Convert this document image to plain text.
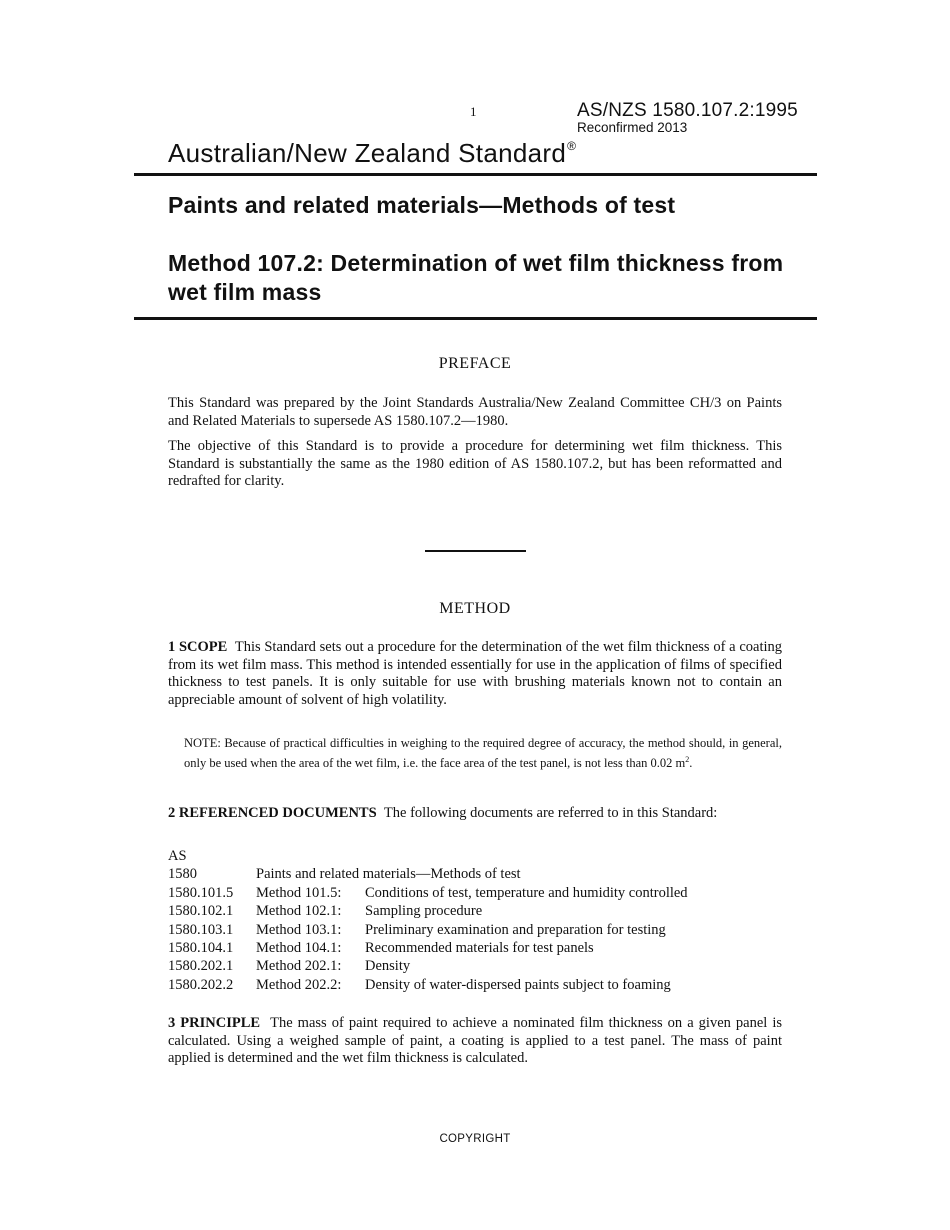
1	AS/NZS 1580.107.2:1995
Reconfirmed 2013
Australian/New Zealand Standard®
Paints and related materials—Methods of test
Method 107.2: Determination of wet film thickness from wet film mass
PREFACE
This Standard was prepared by the Joint Standards Australia/New Zealand Committee CH/3 on Paints and Related Materials to supersede AS 1580.107.2—1980.
The objective of this Standard is to provide a procedure for determining wet film thickness. This Standard is substantially the same as the 1980 edition of AS 1580.107.2, but has been reformatted and redrafted for clarity.
METHOD
1 SCOPE This Standard sets out a procedure for the determination of the wet film thickness of a coating from its wet film mass. This method is intended essentially for use in the application of films of specified thickness to test panels. It is only suitable for use with brushing materials known not to contain an appreciable amount of solvent of high volatility.
NOTE: Because of practical difficulties in weighing to the required degree of accuracy, the method should, in general, only be used when the area of the wet film, i.e. the face area of the test panel, is not less than 0.02 $m^2$.
2 REFERENCED DOCUMENTS The following documents are referred to in this Standard:
AS
1580	Paints and related materials—Methods of test
1580.101.5	Method 101.5:	Conditions of test, temperature and humidity controlled
1580.102.1	Method 102.1:	Sampling procedure
1580.103.1	Method 103.1:	Preliminary examination and preparation for testing
1580.104.1	Method 104.1:	Recommended materials for test panels
1580.202.1	Method 202.1:	Density
1580.202.2	Method 202.2:	Density of water-dispersed paints subject to foaming
3 PRINCIPLE The mass of paint required to achieve a nominated film thickness on a given panel is calculated. Using a weighed sample of paint, a coating is applied to a test panel. The mass of paint applied is determined and the wet film thickness is calculated.
COPYRIGHT
